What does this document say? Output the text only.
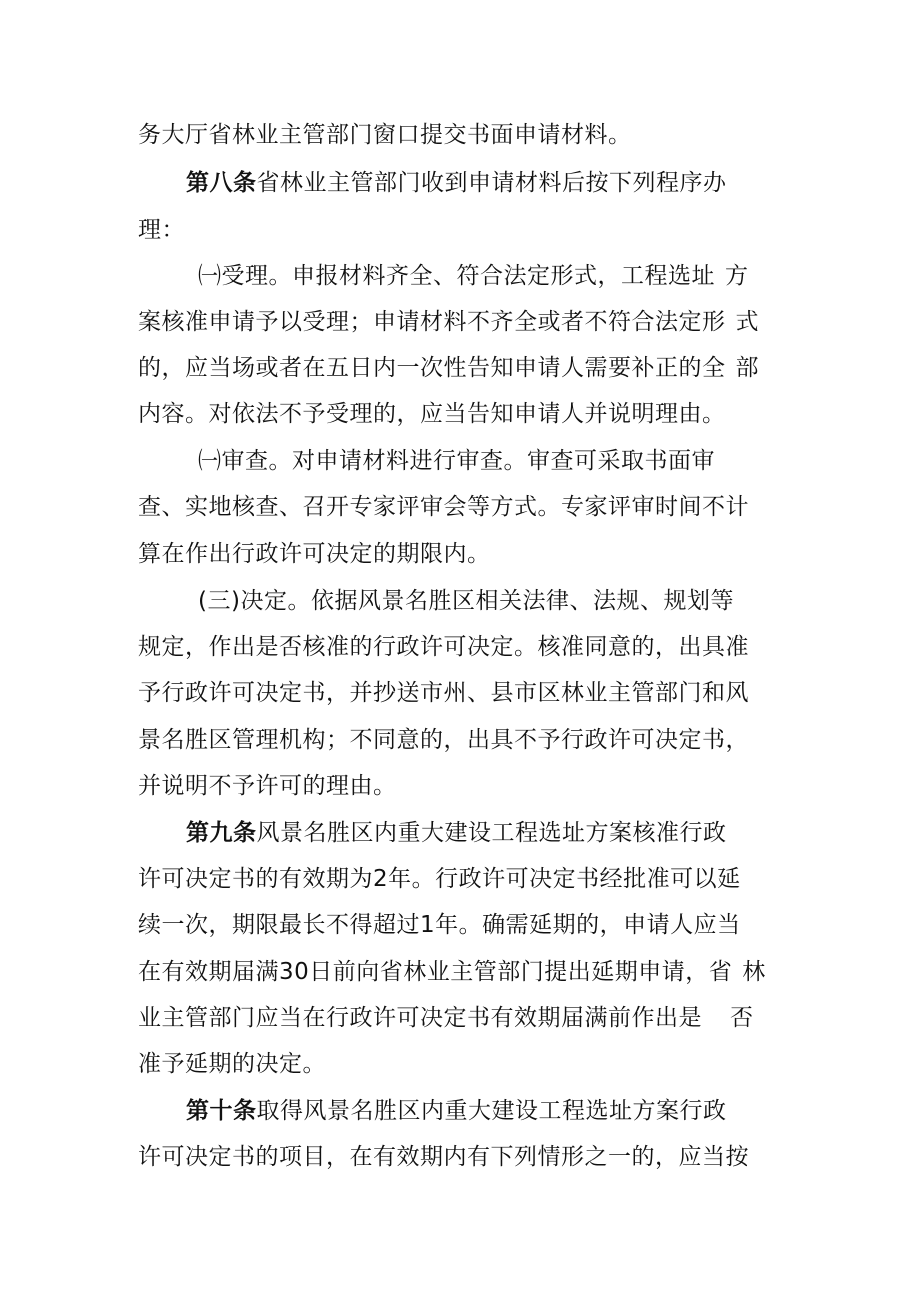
务大厅省林业主管部门窗口提交书面申请材料。
第八条省林业主管部门收到申请材料后按下列程序办
理：
㈠受理。申报材料齐全、符合法定形式，工程选址 方
案核准申请予以受理；申请材料不齐全或者不符合法定形 式
的，应当场或者在五日内一次性告知申请人需要补正的全 部
内容。对依法不予受理的，应当告知申请人并说明理由。
㈠审查。对申请材料进行审查。审查可采取书面审
查、实地核查、召开专家评审会等方式。专家评审时间不计
算在作出行政许可决定的期限内。
(三)决定。依据风景名胜区相关法律、法规、规划等
规定，作出是否核准的行政许可决定。核准同意的，出具准
予行政许可决定书，并抄送市州、县市区林业主管部门和风
景名胜区管理机构；不同意的，出具不予行政许可决定书，
并说明不予许可的理由。
第九条风景名胜区内重大建设工程选址方案核准行政
许可决定书的有效期为2年。行政许可决定书经批准可以延
续一次，期限最长不得超过1年。确需延期的，申请人应当
在有效期届满30日前向省林业主管部门提出延期申请，省 林
业主管部门应当在行政许可决定书有效期届满前作出是 否
准予延期的决定。
第十条取得风景名胜区内重大建设工程选址方案行政
许可决定书的项目，在有效期内有下列情形之一的，应当按
